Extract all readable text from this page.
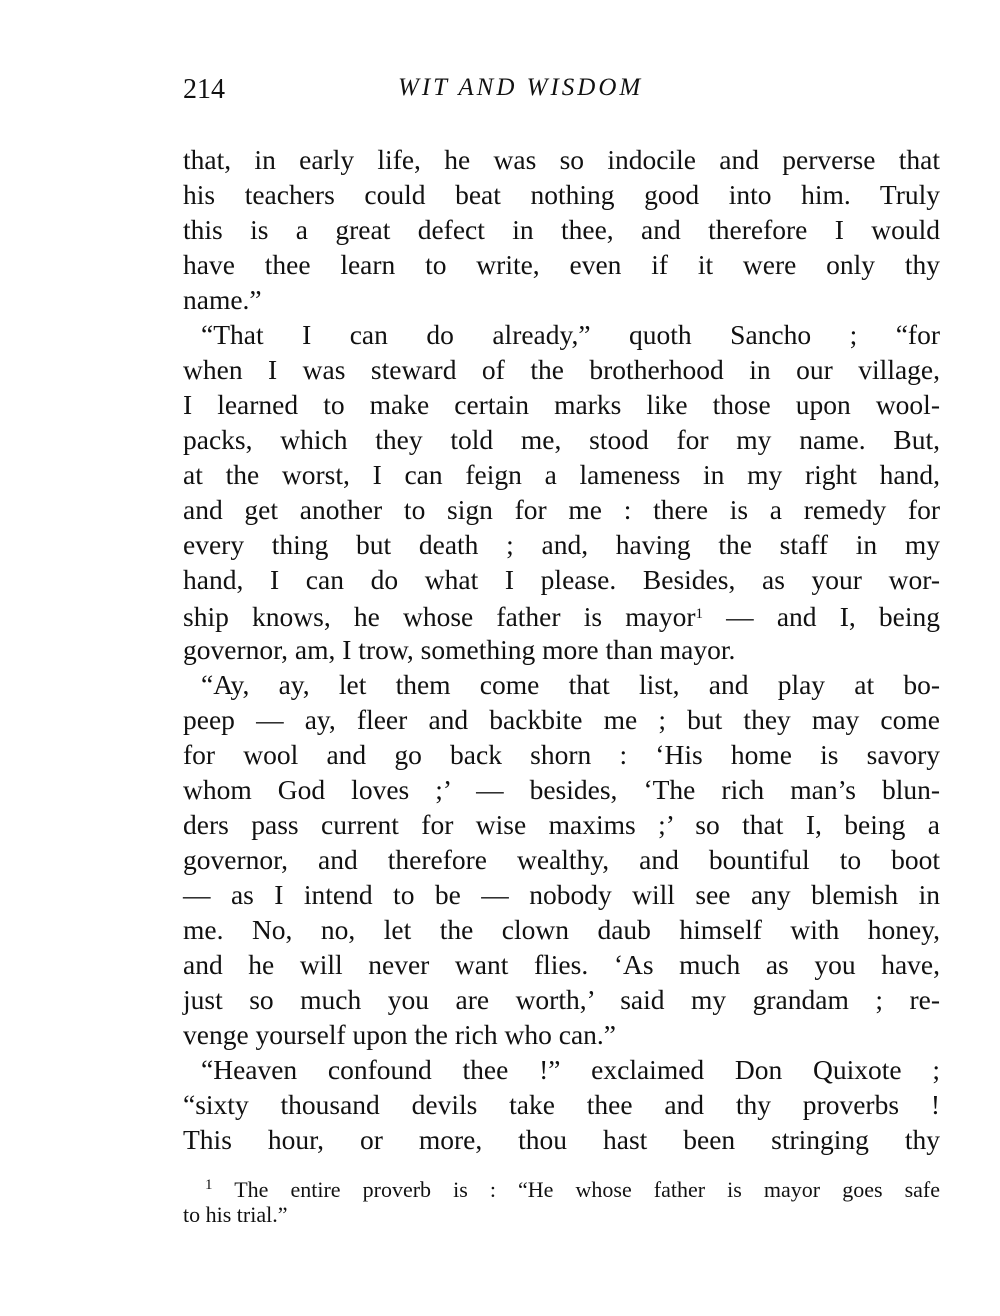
214	WIT AND WISDOM
that, in early life, he was so indocile and perverse that
his teachers could beat nothing good into him. Truly
this is a great defect in thee, and therefore I would
have thee learn to write, even if it were only thy
name.”
“That I can do already,” quoth Sancho ; “for
when I was steward of the brotherhood in our village,
I learned to make certain marks like those upon wool-
packs, which they told me, stood for my name. But,
at the worst, I can feign a lameness in my right hand,
and get another to sign for me : there is a remedy for
every thing but death ; and, having the staff in my
hand, I can do what I please. Besides, as your wor-
ship knows, he whose father is mayor$^1$ — and I, being
governor, am, I trow, something more than mayor.
“Ay, ay, let them come that list, and play at bo-
peep — ay, fleer and backbite me ; but they may come
for wool and go back shorn : ‘His home is savory
whom God loves ;’ — besides, ‘The rich man’s blun-
ders pass current for wise maxims ;’ so that I, being a
governor, and therefore wealthy, and bountiful to boot
— as I intend to be — nobody will see any blemish in
me. No, no, let the clown daub himself with honey,
and he will never want flies. ‘As much as you have,
just so much you are worth,’ said my grandam ; re-
venge yourself upon the rich who can.”
“Heaven confound thee !” exclaimed Don Quixote ;
“sixty thousand devils take thee and thy proverbs !
This hour, or more, thou hast been stringing thy
$^1$ The entire proverb is : “He whose father is mayor goes safe
to his trial.”
